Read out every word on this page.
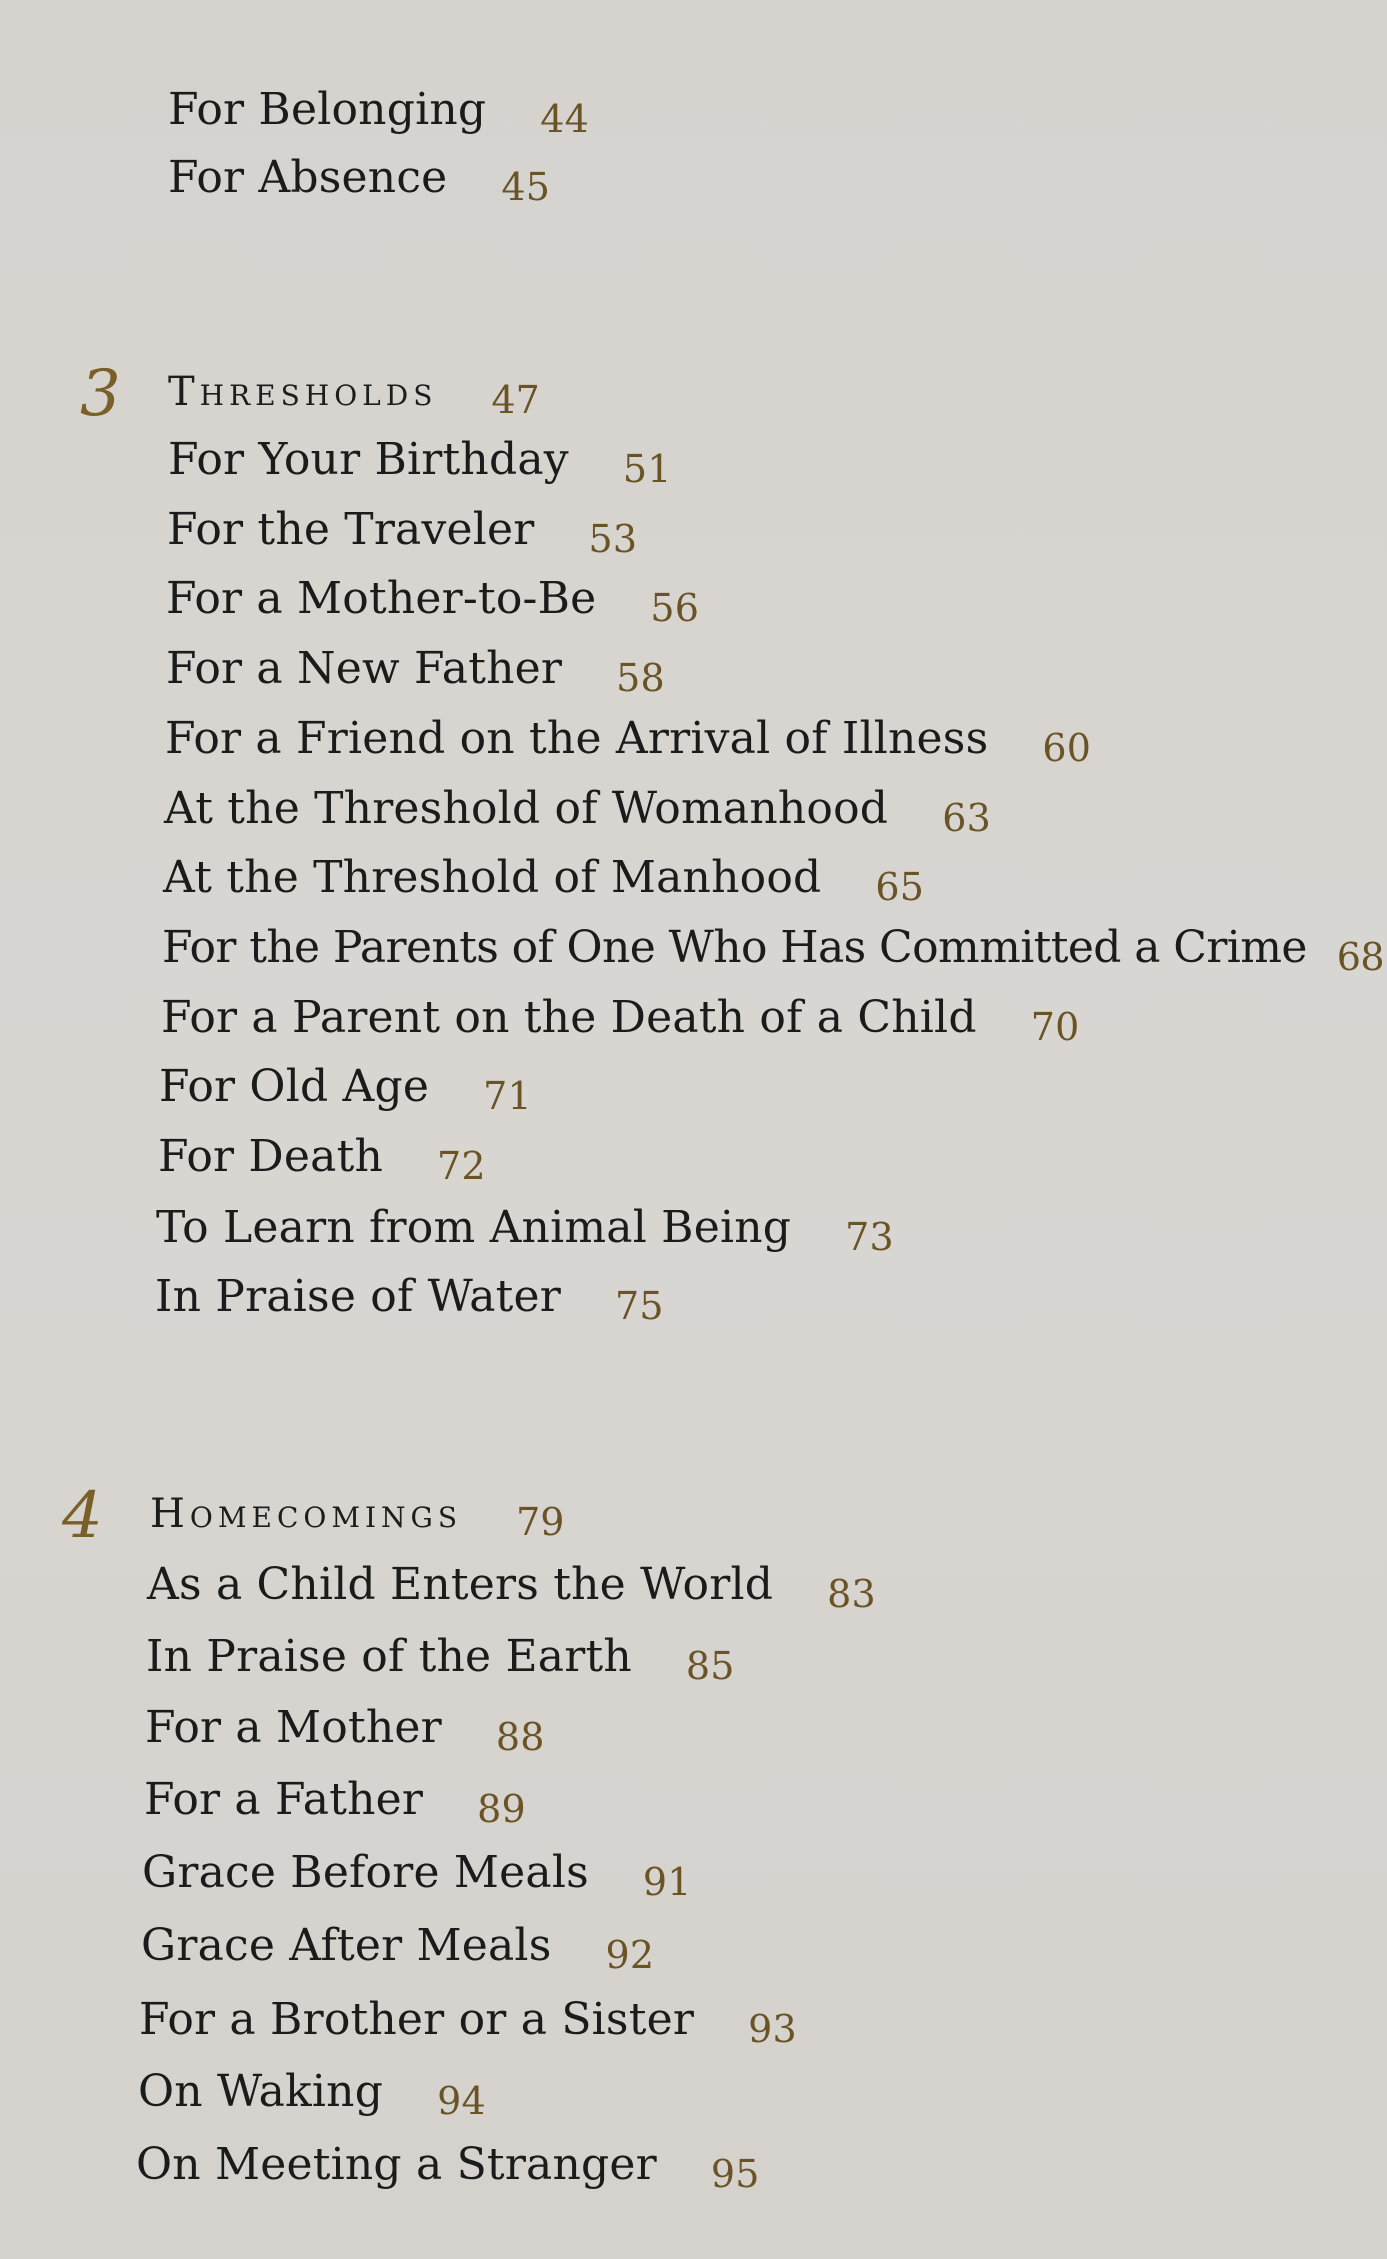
For Belonging 44
For Absence 45
3 Thresholds 47
For Your Birthday 51
For the Traveler 53
For a Mother-to-Be 56
For a New Father 58
For a Friend on the Arrival of Illness 60
At the Threshold of Womanhood 63
At the Threshold of Manhood 65
For the Parents of One Who Has Committed a Crime 68
For a Parent on the Death of a Child 70
For Old Age 71
For Death 72
To Learn from Animal Being 73
In Praise of Water 75
4 Homecomings 79
As a Child Enters the World 83
In Praise of the Earth 85
For a Mother 88
For a Father 89
Grace Before Meals 91
Grace After Meals 92
For a Brother or a Sister 93
On Waking 94
On Meeting a Stranger 95
